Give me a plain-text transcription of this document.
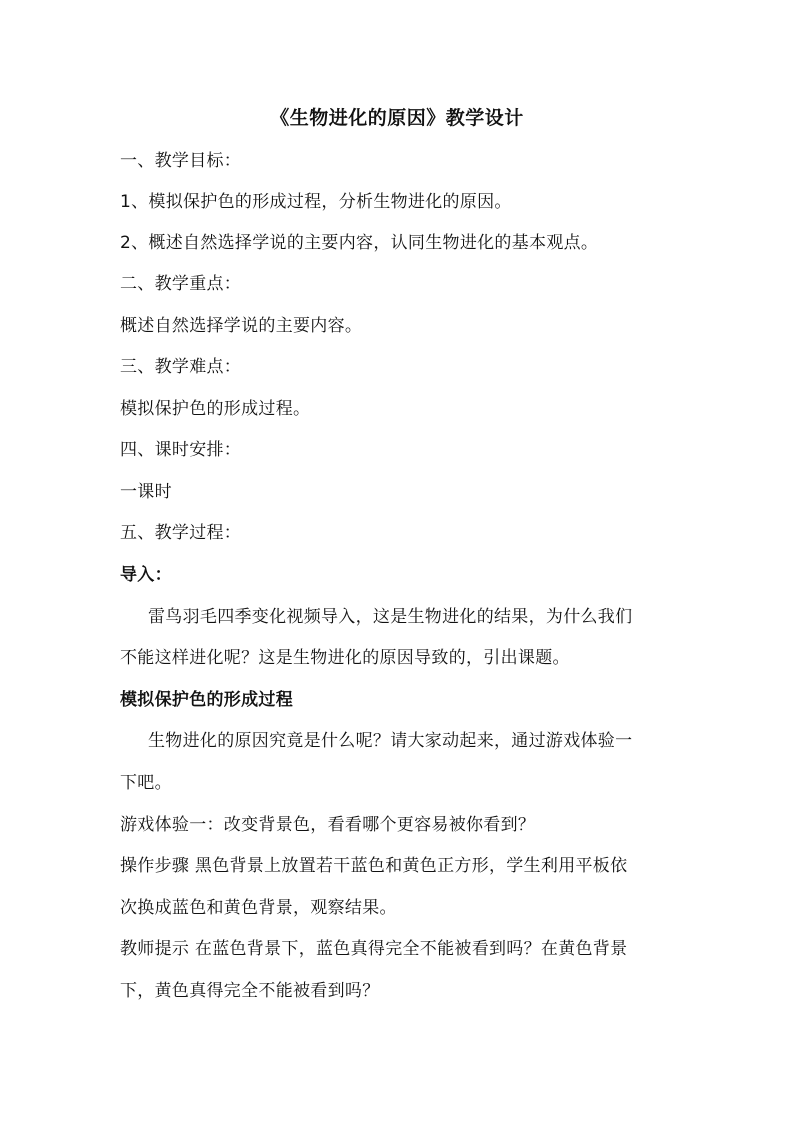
《生物进化的原因》教学设计
一、教学目标：
1、模拟保护色的形成过程，分析生物进化的原因。
2、概述自然选择学说的主要内容，认同生物进化的基本观点。
二、教学重点：
概述自然选择学说的主要内容。
三、教学难点：
模拟保护色的形成过程。
四、课时安排：
一课时
五、教学过程：
导入：
雷鸟羽毛四季变化视频导入，这是生物进化的结果，为什么我们
不能这样进化呢？这是生物进化的原因导致的，引出课题。
模拟保护色的形成过程
生物进化的原因究竟是什么呢？请大家动起来，通过游戏体验一
下吧。
游戏体验一：改变背景色，看看哪个更容易被你看到？
操作步骤 黑色背景上放置若干蓝色和黄色正方形，学生利用平板依
次换成蓝色和黄色背景，观察结果。
教师提示 在蓝色背景下，蓝色真得完全不能被看到吗？在黄色背景
下，黄色真得完全不能被看到吗？
